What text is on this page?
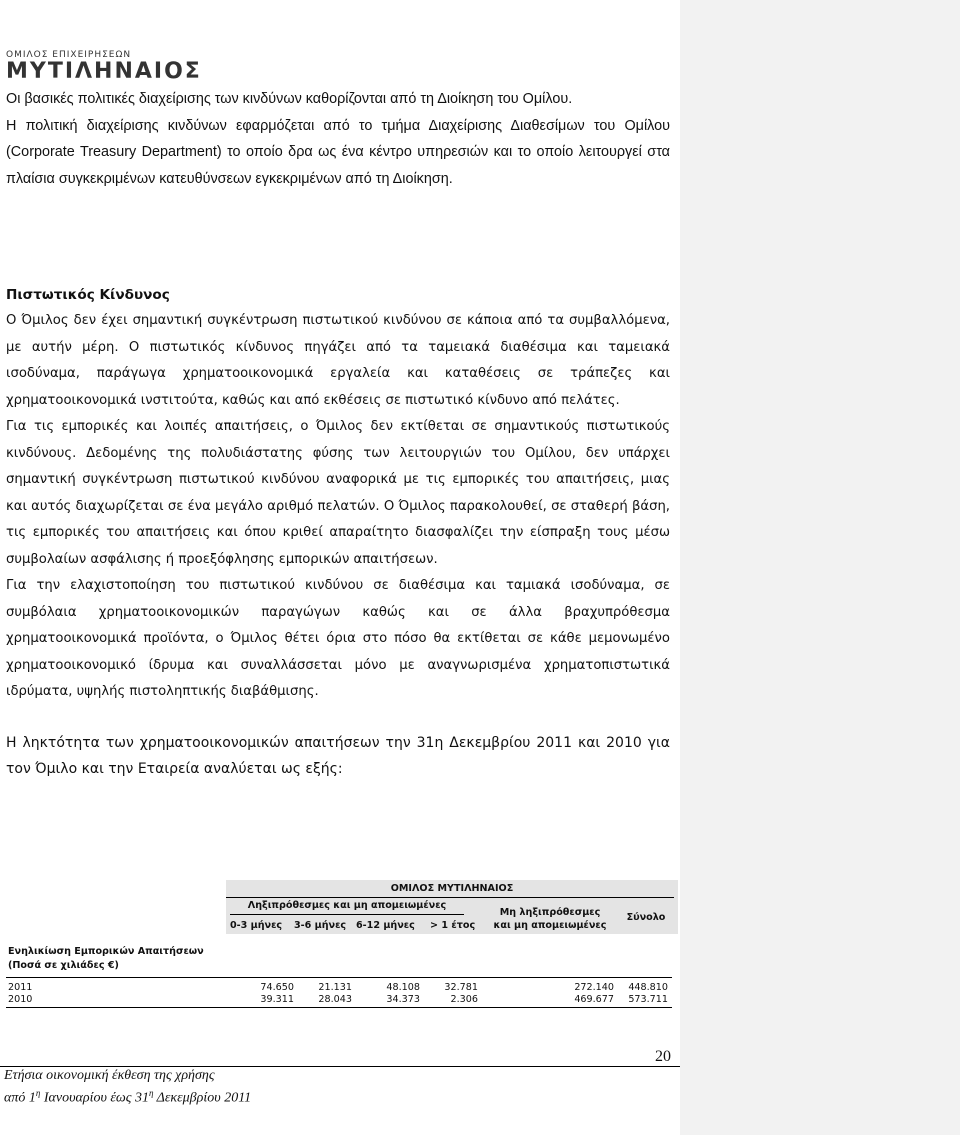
ΟΜΙΛΟΣ ΕΠΙΧΕΙΡΗΣΕΩΝ
ΜΥΤΙΛΗΝΑΙΟΣ

Οι βασικές πολιτικές διαχείρισης των κινδύνων καθορίζονται από τη Διοίκηση του Ομίλου.

Η πολιτική διαχείρισης κινδύνων εφαρμόζεται από το τμήμα Διαχείρισης Διαθεσίμων του Ομίλου (Corporate Treasury Department) το οποίο δρα ως ένα κέντρο υπηρεσιών και το οποίο λειτουργεί στα πλαίσια συγκεκριμένων κατευθύνσεων εγκεκριμένων από τη Διοίκηση.

Πιστωτικός Κίνδυνος

Ο Όμιλος δεν έχει σημαντική συγκέντρωση πιστωτικού κινδύνου σε κάποια από τα συμβαλλόμενα, με αυτήν μέρη. Ο πιστωτικός κίνδυνος πηγάζει από τα ταμειακά διαθέσιμα και ταμειακά ισοδύναμα, παράγωγα χρηματοοικονομικά εργαλεία και καταθέσεις σε τράπεζες και χρηματοοικονομικά ινστιτούτα, καθώς και από εκθέσεις σε πιστωτικό κίνδυνο από πελάτες.

Για τις εμπορικές και λοιπές απαιτήσεις, ο Όμιλος δεν εκτίθεται σε σημαντικούς πιστωτικούς κινδύνους. Δεδομένης της πολυδιάστατης φύσης των λειτουργιών του Ομίλου, δεν υπάρχει σημαντική συγκέντρωση πιστωτικού κινδύνου αναφορικά με τις εμπορικές του απαιτήσεις, μιας και αυτός διαχωρίζεται σε ένα μεγάλο αριθμό πελατών. Ο Όμιλος παρακολουθεί, σε σταθερή βάση, τις εμπορικές του απαιτήσεις και όπου κριθεί απαραίτητο διασφαλίζει την είσπραξη τους μέσω συμβολαίων ασφάλισης ή προεξόφλησης εμπορικών απαιτήσεων.

Για την ελαχιστοποίηση του πιστωτικού κινδύνου σε διαθέσιμα και ταμιακά ισοδύναμα, σε συμβόλαια χρηματοοικονομικών παραγώγων καθώς και σε άλλα βραχυπρόθεσμα χρηματοοικονομικά προϊόντα, ο Όμιλος θέτει όρια στο πόσο θα εκτίθεται σε κάθε μεμονωμένο χρηματοοικονομικό ίδρυμα και συναλλάσσεται μόνο με αναγνωρισμένα χρηματοπιστωτικά ιδρύματα, υψηλής πιστοληπτικής διαβάθμισης.

Η ληκτότητα των χρηματοοικονομικών απαιτήσεων την 31η Δεκεμβρίου 2011 και 2010 για τον Όμιλο και την Εταιρεία αναλύεται ως εξής:

ΟΜΙΛΟΣ ΜΥΤΙΛΗΝΑΙΟΣ
Ληξιπρόθεσμες και μη απομειωμένες
0-3 μήνες 3-6 μήνες 6-12 μήνες > 1 έτος
Μη ληξιπρόθεσμες
και μη απομειωμένες
Σύνολο
Ενηλικίωση Εμπορικών Απαιτήσεων
(Ποσά σε χιλιάδες €)
2011	74.650	21.131	48.108	32.781	272.140	448.810
2010	39.311	28.043	34.373	2.306	469.677	573.711
20
Ετήσια οικονομική έκθεση της χρήσης
από $1^\eta$ Ιανουαρίου έως $31^\eta$ Δεκεμβρίου 2011
